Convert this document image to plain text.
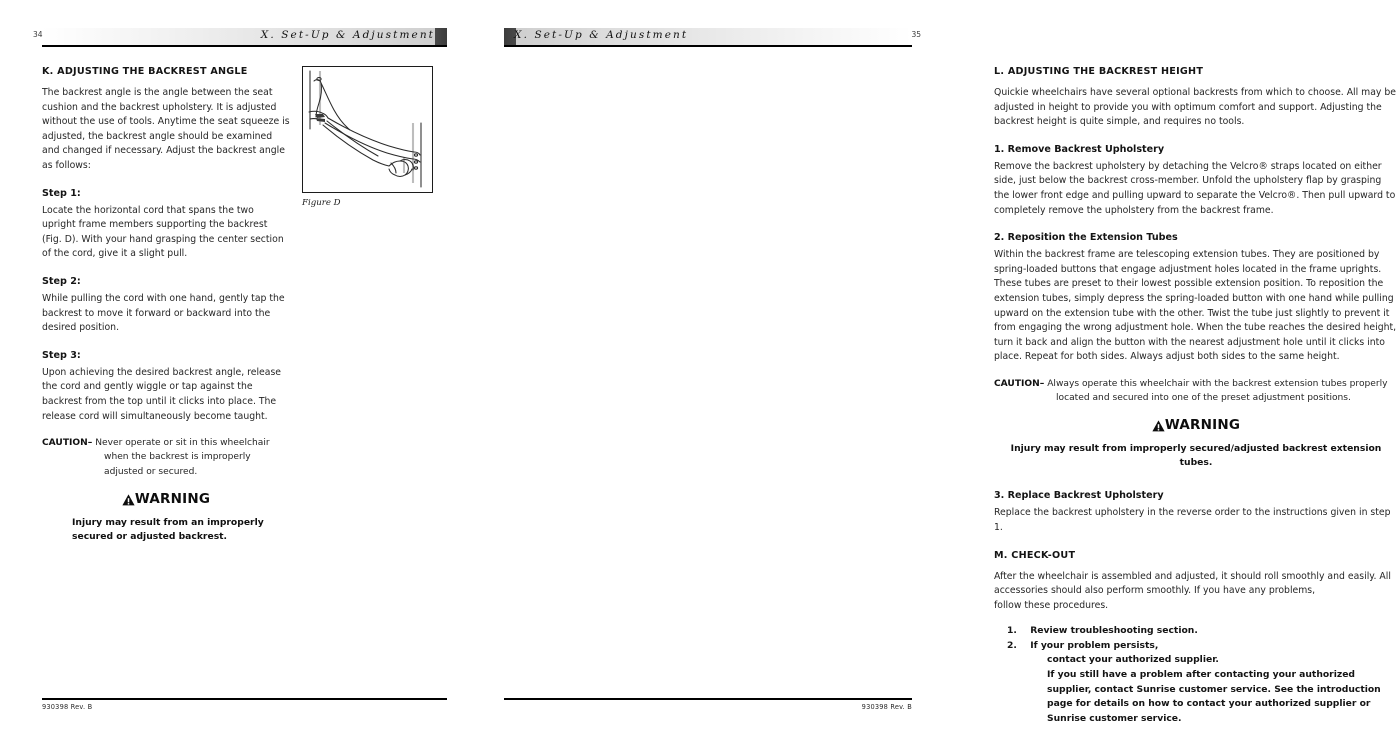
X. Set-Up & Adjustment
34
K. ADJUSTING THE BACKREST ANGLE

The backrest angle is the angle between the seat cushion and the backrest upholstery. It is adjusted without the use of tools. Anytime the seat squeeze is adjusted, the backrest angle should be examined and changed if necessary. Adjust the backrest angle as follows:

Step 1:

Locate the horizontal cord that spans the two upright frame members supporting the backrest (Fig. D). With your hand grasping the center section of the cord, give it a slight pull.

Step 2:

While pulling the cord with one hand, gently tap the backrest to move it forward or backward into the desired position.

Step 3:

Upon achieving the desired backrest angle, release the cord and gently wiggle or tap against the backrest from the top until it clicks into place. The release cord will simultaneously become taught.

CAUTION– Never operate or sit in this wheelchair when the backrest is improperly adjusted or secured.

WARNING

Injury may result from an improperly secured or adjusted backrest.

Figure D
930398 Rev. B
X. Set-Up & Adjustment	35
L. ADJUSTING THE BACKREST HEIGHT

Quickie wheelchairs have several optional backrests from which to choose. All may be adjusted in height to provide you with optimum comfort and support. Adjusting the backrest height is quite simple, and requires no tools.

1. Remove Backrest Upholstery

Remove the backrest upholstery by detaching the Velcro® straps located on either side, just below the backrest cross-member. Unfold the upholstery flap by grasping the lower front edge and pulling upward to separate the Velcro®. Then pull upward to completely remove the upholstery from the backrest frame.

2. Reposition the Extension Tubes

Within the backrest frame are telescoping extension tubes. They are positioned by spring-loaded buttons that engage adjustment holes located in the frame uprights. These tubes are preset to their lowest possible extension position. To reposition the extension tubes, simply depress the spring-loaded button with one hand while pulling upward on the extension tube with the other. Twist the tube just slightly to prevent it from engaging the wrong adjustment hole. When the tube reaches the desired height, turn it back and align the button with the nearest adjustment hole until it clicks into place. Repeat for both sides. Always adjust both sides to the same height.

CAUTION– Always operate this wheelchair with the backrest extension tubes properly located and secured into one of the preset adjustment positions.

WARNING

Injury may result from improperly secured/adjusted backrest extension tubes.

3. Replace Backrest Upholstery

Replace the backrest upholstery in the reverse order to the instructions given in step 1.

M. CHECK-OUT

After the wheelchair is assembled and adjusted, it should roll smoothly and easily. All accessories should also perform smoothly. If you have any problems,

follow these procedures.

1. Review troubleshooting section.
2. If your problem persists,

contact your authorized supplier.

If you still have a problem after contacting your authorized supplier, contact Sunrise customer service. See the introduction page for details on how to contact your authorized supplier or Sunrise customer service.

930398 Rev. B
